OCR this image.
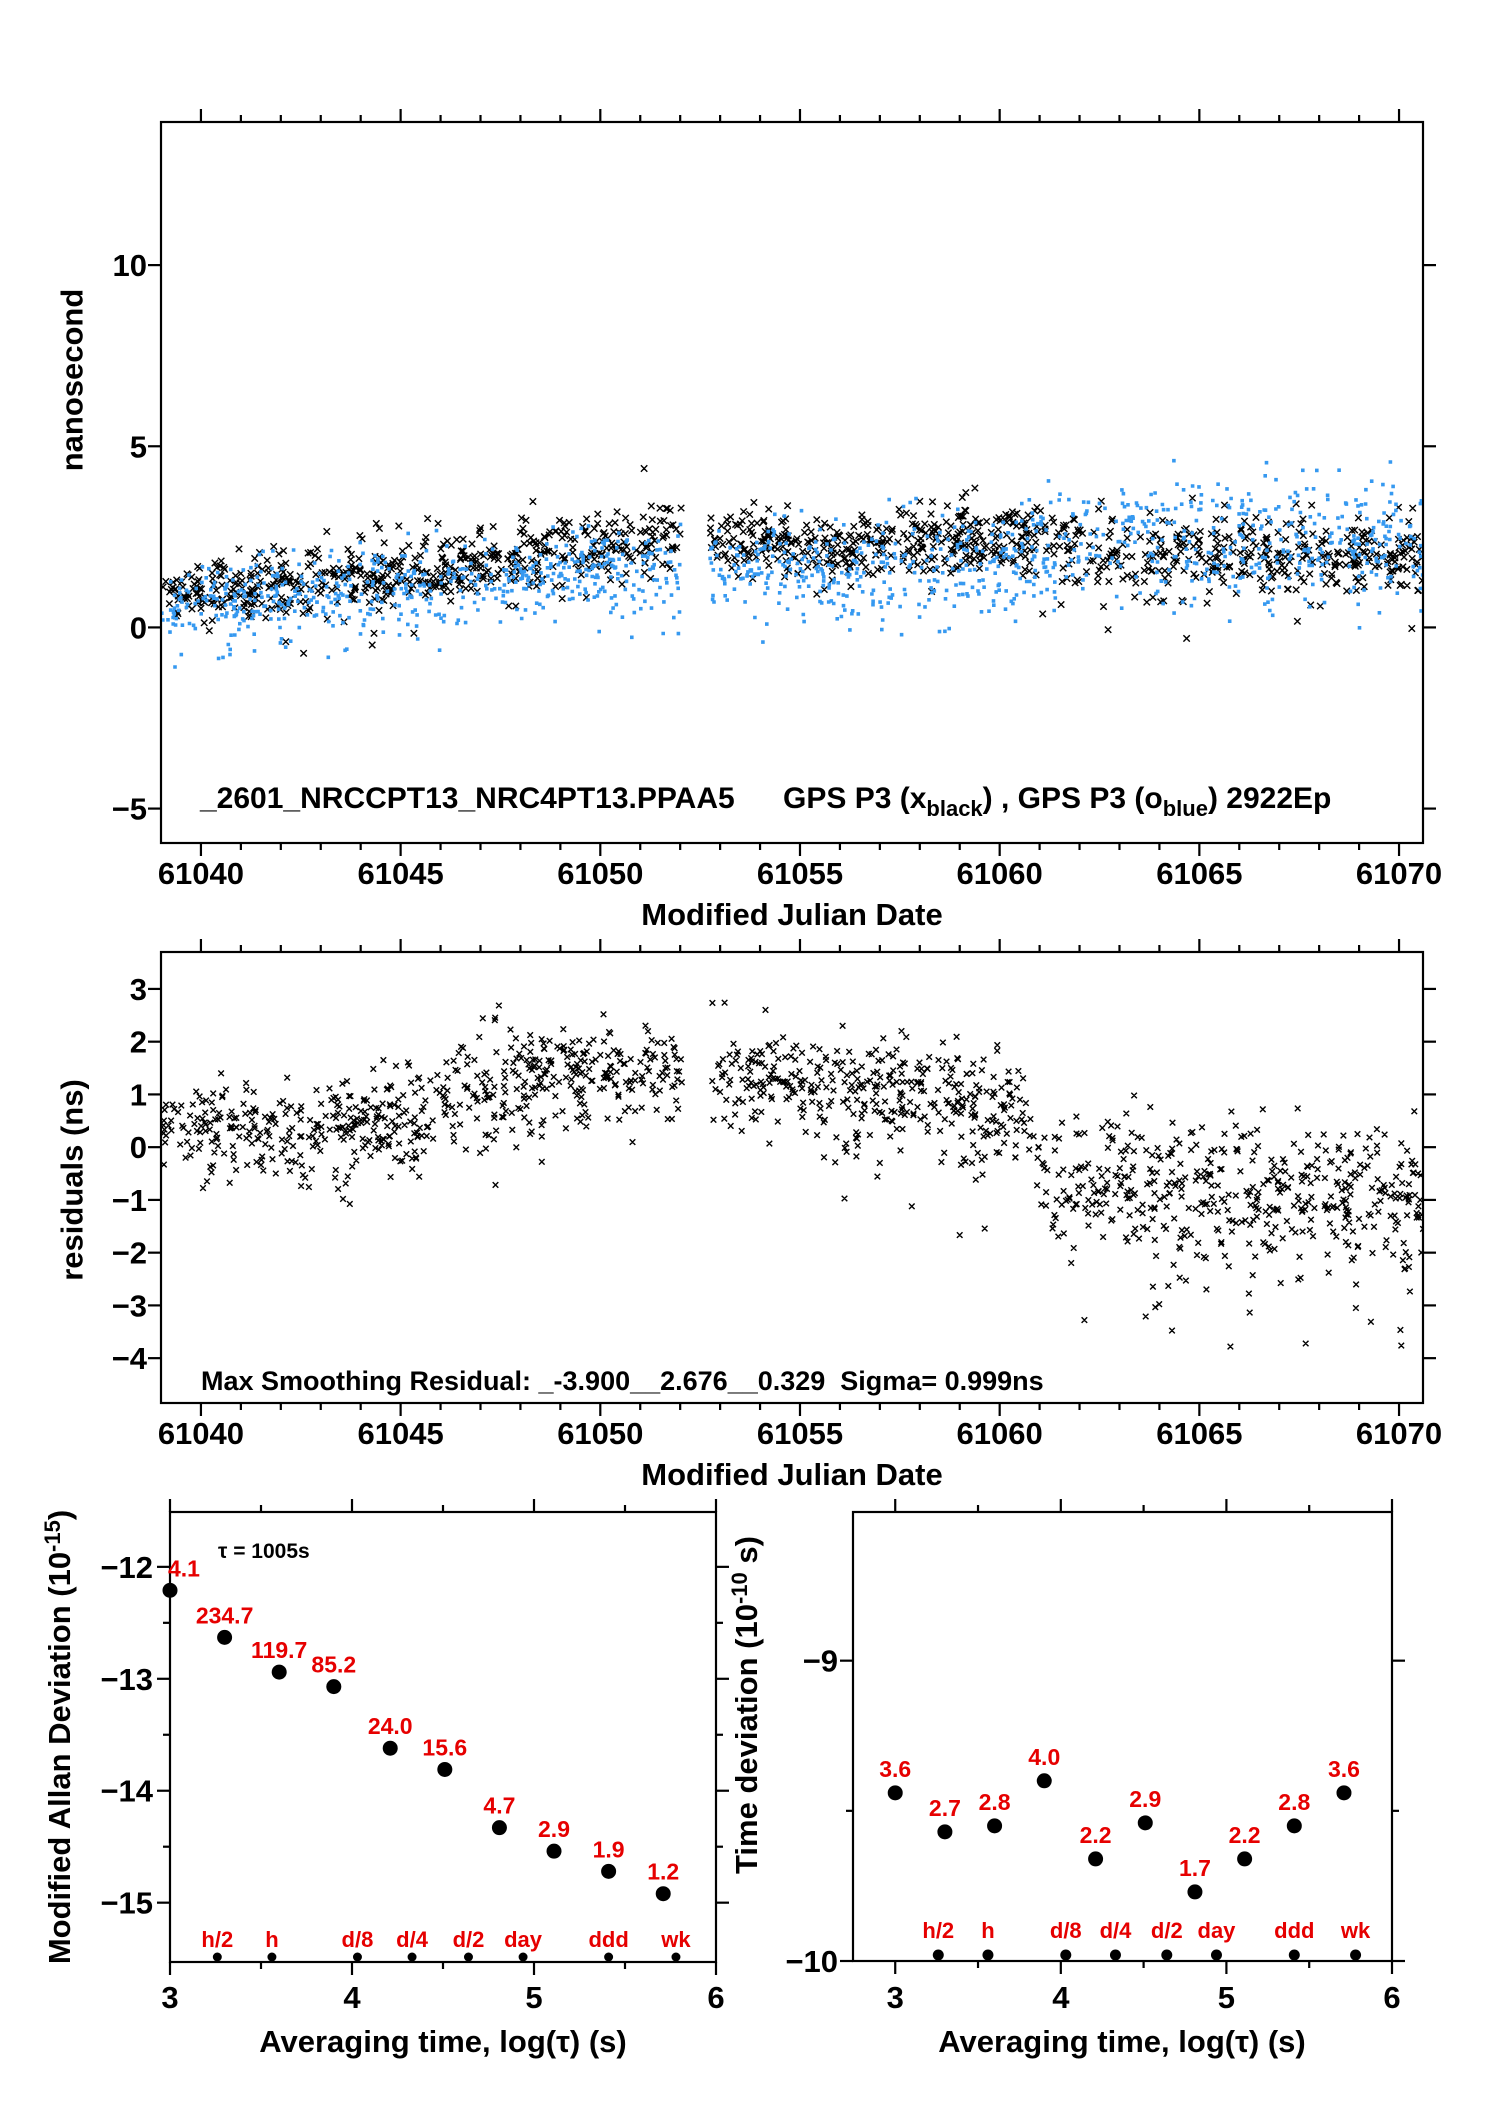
61040	61045	61050	61055	61060	61065	61070
10
5
0
−5
61040	61045	61050	61055	61060	61065	61070
3
2
1
0
−1
−2
−3
−4
3	4	5	6
−12
−13
−14
−15
4.1
234.7
119.7
85.2
24.0
15.6
4.7
2.9
1.9
1.2
h/2 h	d/8 d/4 d/2 day ddd wk
Modified Allan Deviation $(10^{-15})$
3	4	5	6
−9
−10
3.6
2.7 2.8
4.0
2.2
2.9
1.7
2.2
2.8
3.6
h/2 h	d/8 d/4 d/2 day ddd wk
Time deviation ($10^{-10}$ s)
GPS P3 $(x_{black})$ , GPS P3 $(o_{blue})$ 2922Ep
_2601_NRCCPT13_NRC4PT13.PPAA5
Modified Julian Date
nanosecond
Max Smoothing Residual: _-3.900__2.676__0.329  Sigma= 0.999ns
Modified Julian Date
residuals (ns)
τ = 1005s
Averaging time, log(τ) (s)	Averaging time, log(τ) (s)
